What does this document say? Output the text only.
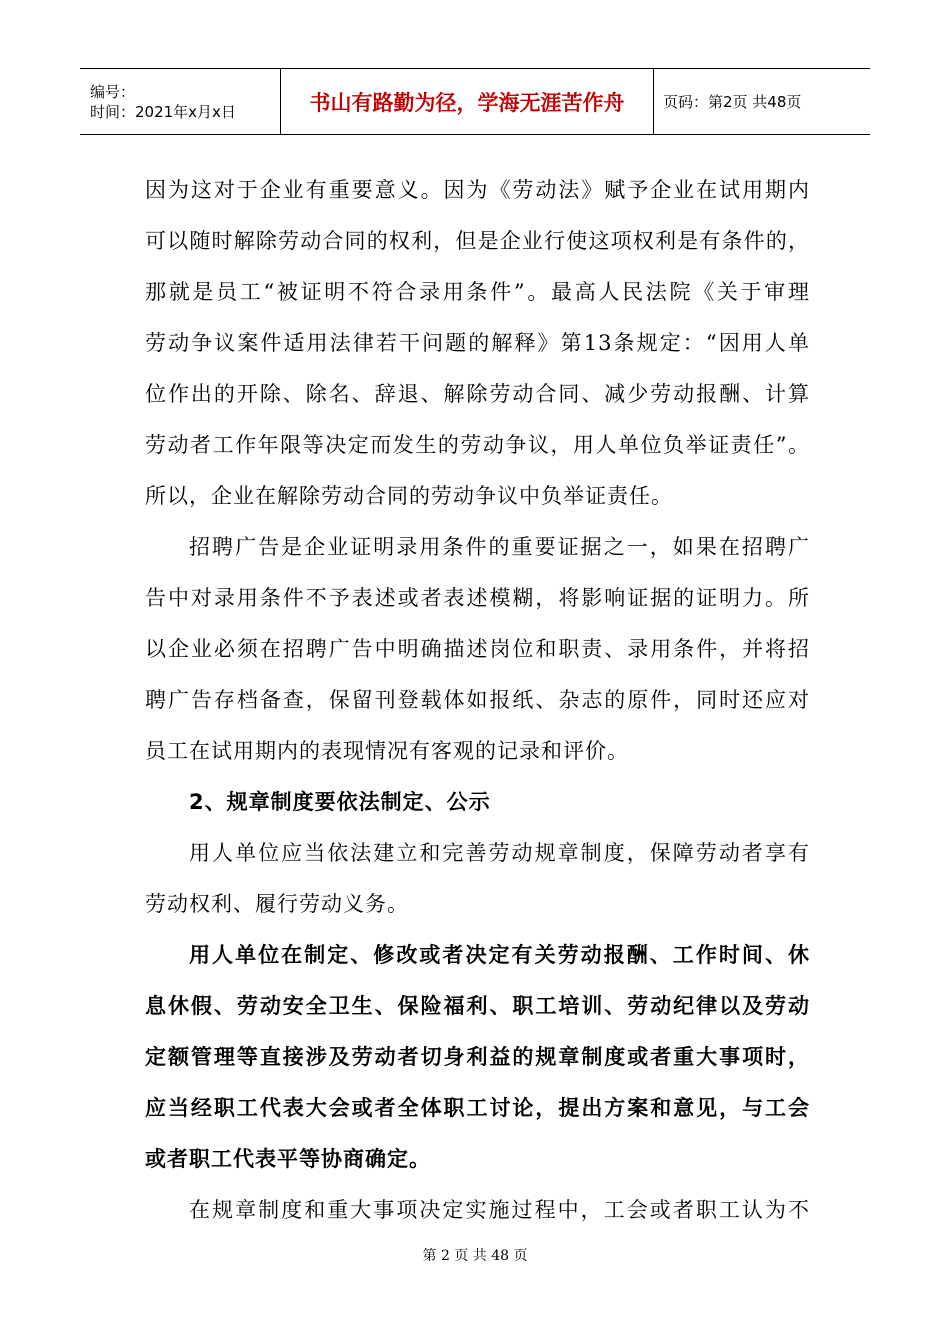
编号：
时间：2021年x月x日	书山有路勤为径，学海无涯苦作舟	页码：第2页 共48页
因为这对于企业有重要意义。因为《劳动法》赋予企业在试用期内
可以随时解除劳动合同的权利，但是企业行使这项权利是有条件的，
那就是员工“被证明不符合录用条件”。最高人民法院《关于审理
劳动争议案件适用法律若干问题的解释》第13条规定：“因用人单
位作出的开除、除名、辞退、解除劳动合同、减少劳动报酬、计算
劳动者工作年限等决定而发生的劳动争议，用人单位负举证责任”。
所以，企业在解除劳动合同的劳动争议中负举证责任。
招聘广告是企业证明录用条件的重要证据之一，如果在招聘广
告中对录用条件不予表述或者表述模糊，将影响证据的证明力。所
以企业必须在招聘广告中明确描述岗位和职责、录用条件，并将招
聘广告存档备查，保留刊登载体如报纸、杂志的原件，同时还应对
员工在试用期内的表现情况有客观的记录和评价。
2、规章制度要依法制定、公示
用人单位应当依法建立和完善劳动规章制度，保障劳动者享有
劳动权利、履行劳动义务。
用人单位在制定、修改或者决定有关劳动报酬、工作时间、休
息休假、劳动安全卫生、保险福利、职工培训、劳动纪律以及劳动
定额管理等直接涉及劳动者切身利益的规章制度或者重大事项时，
应当经职工代表大会或者全体职工讨论，提出方案和意见，与工会
或者职工代表平等协商确定。
在规章制度和重大事项决定实施过程中，工会或者职工认为不
第 2 页 共 48 页
